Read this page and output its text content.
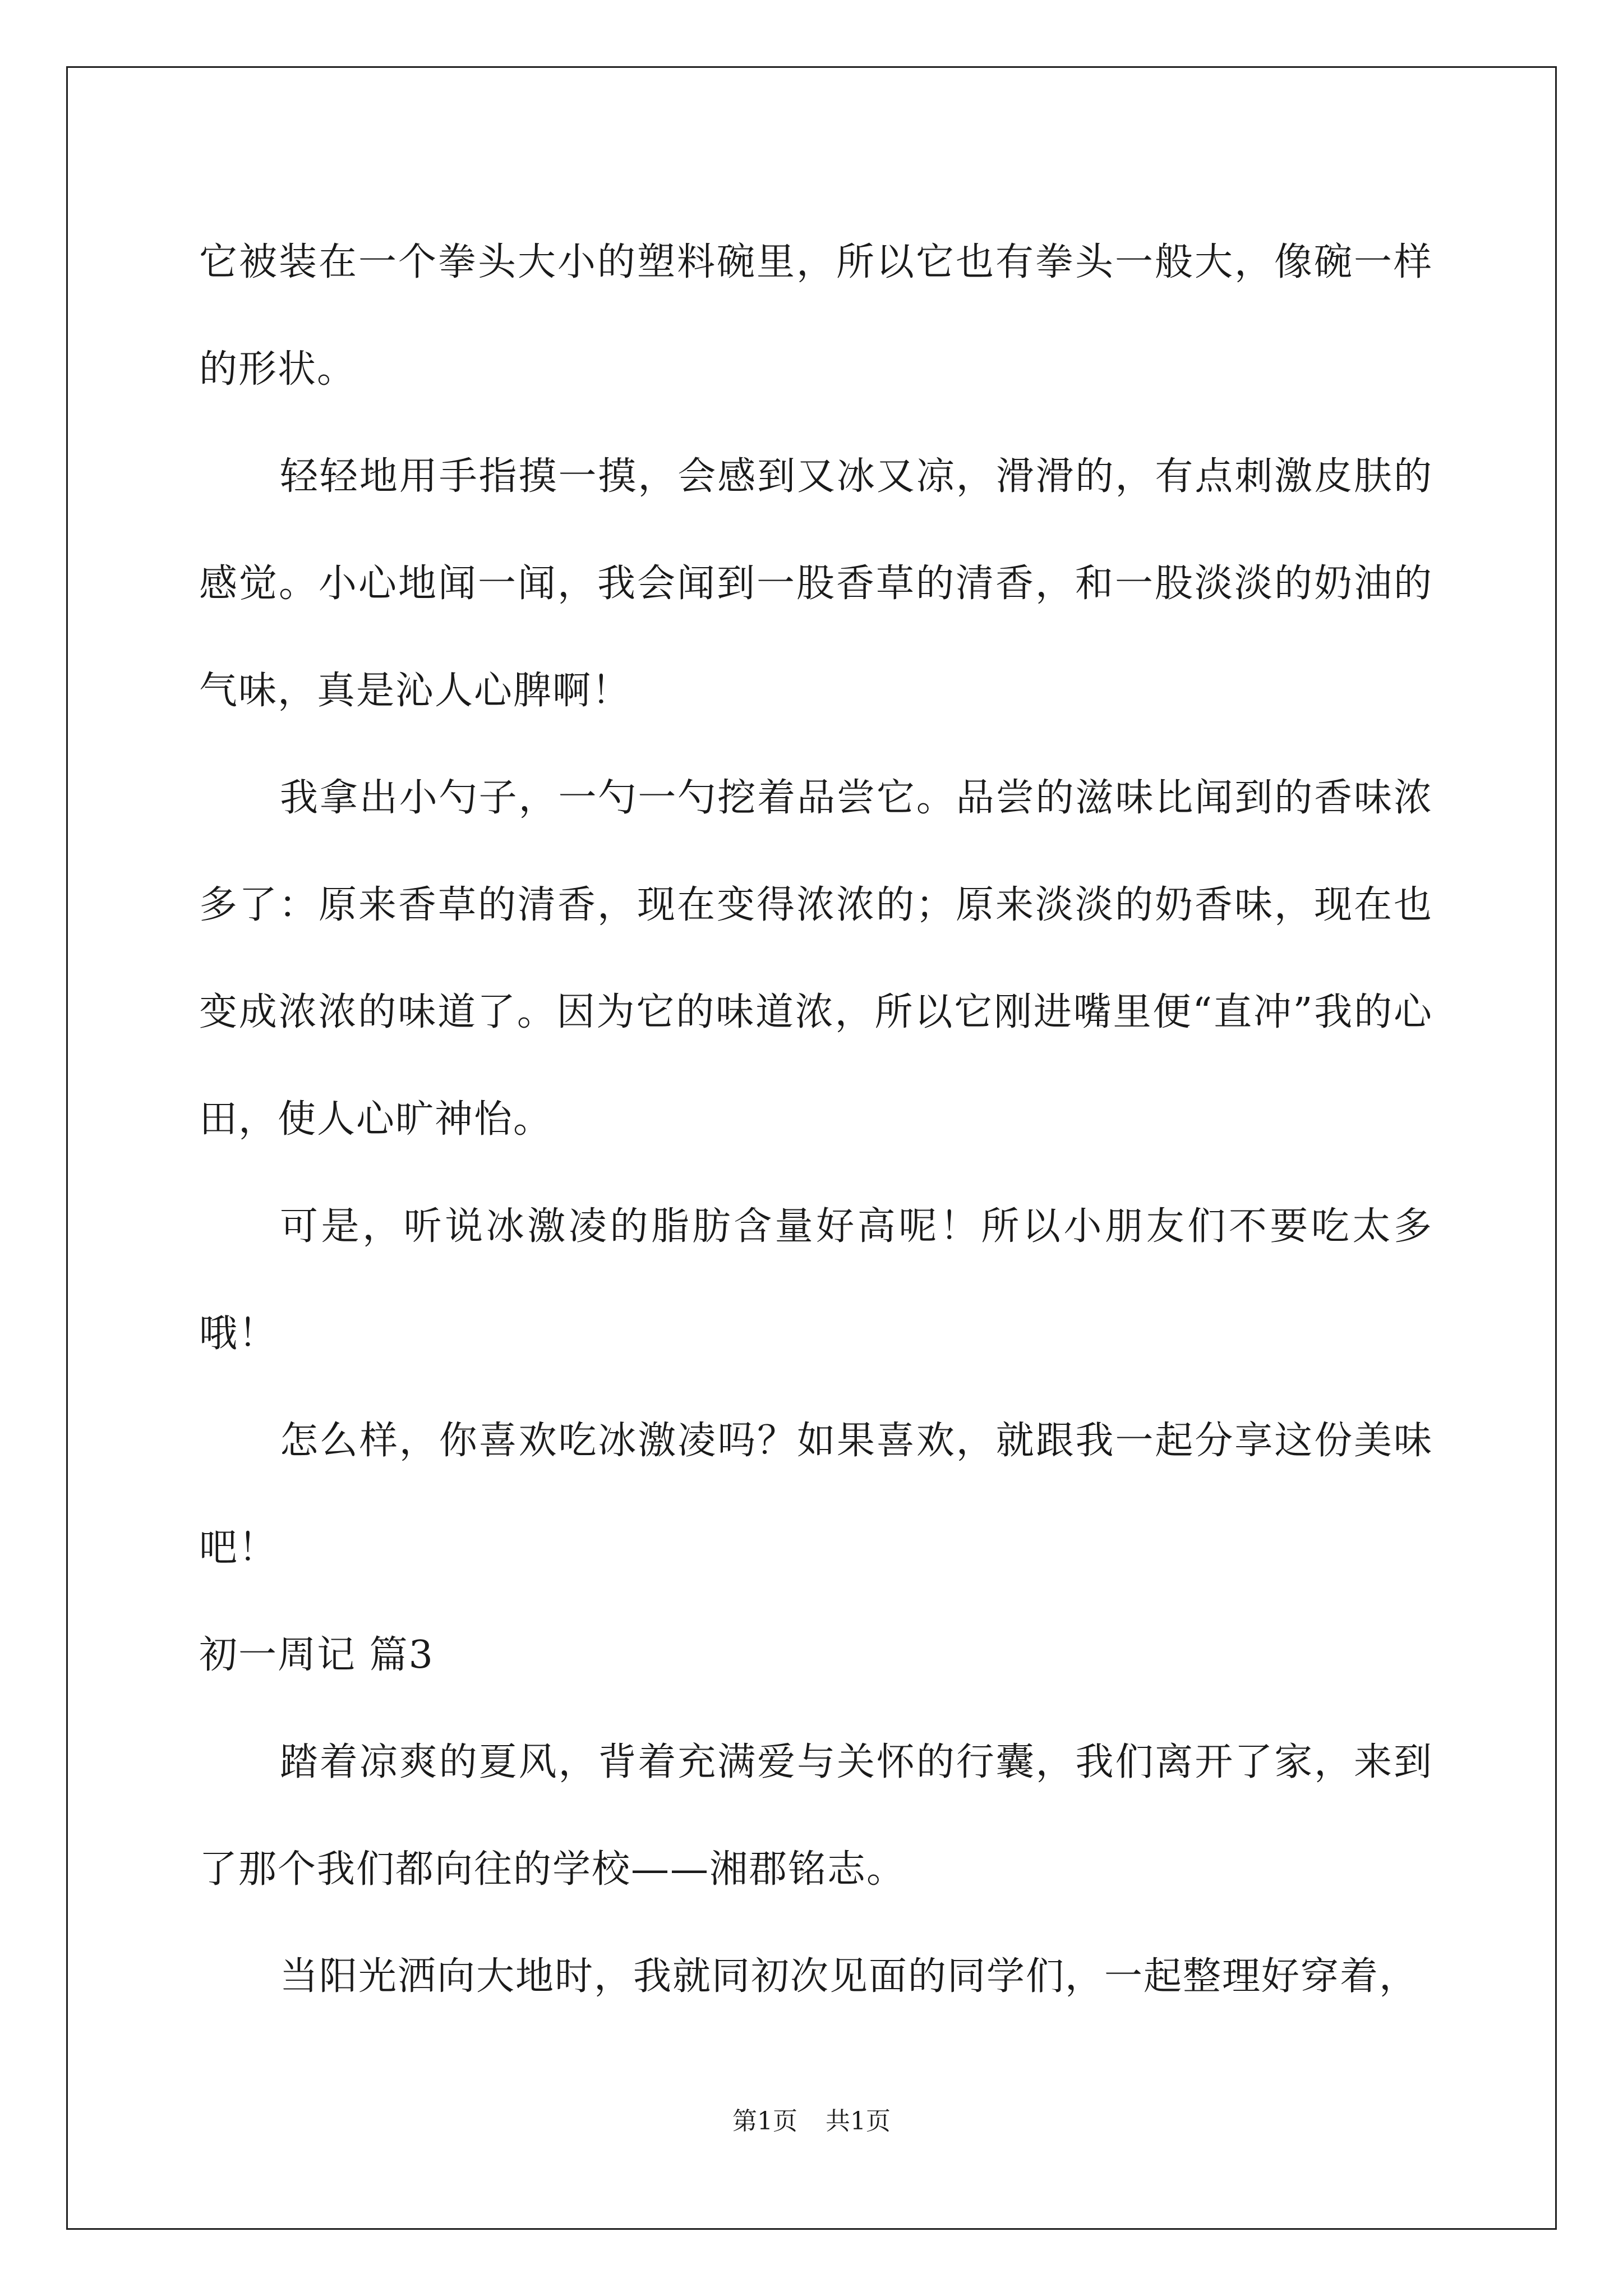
它被装在一个拳头大小的塑料碗里，所以它也有拳头一般大，像碗一样的形状。

轻轻地用手指摸一摸，会感到又冰又凉，滑滑的，有点刺激皮肤的感觉。小心地闻一闻，我会闻到一股香草的清香，和一股淡淡的奶油的气味，真是沁人心脾啊！

我拿出小勺子，一勺一勺挖着品尝它。品尝的滋味比闻到的香味浓多了：原来香草的清香，现在变得浓浓的；原来淡淡的奶香味，现在也变成浓浓的味道了。因为它的味道浓，所以它刚进嘴里便“直冲”我的心田，使人心旷神怡。

可是，听说冰激凌的脂肪含量好高呢！所以小朋友们不要吃太多哦！

怎么样，你喜欢吃冰激凌吗？如果喜欢，就跟我一起分享这份美味吧！

初一周记 篇3

踏着凉爽的夏风，背着充满爱与关怀的行囊，我们离开了家，来到了那个我们都向往的学校——湘郡铭志。

当阳光洒向大地时，我就同初次见面的同学们，一起整理好穿着，

第1页 共1页
